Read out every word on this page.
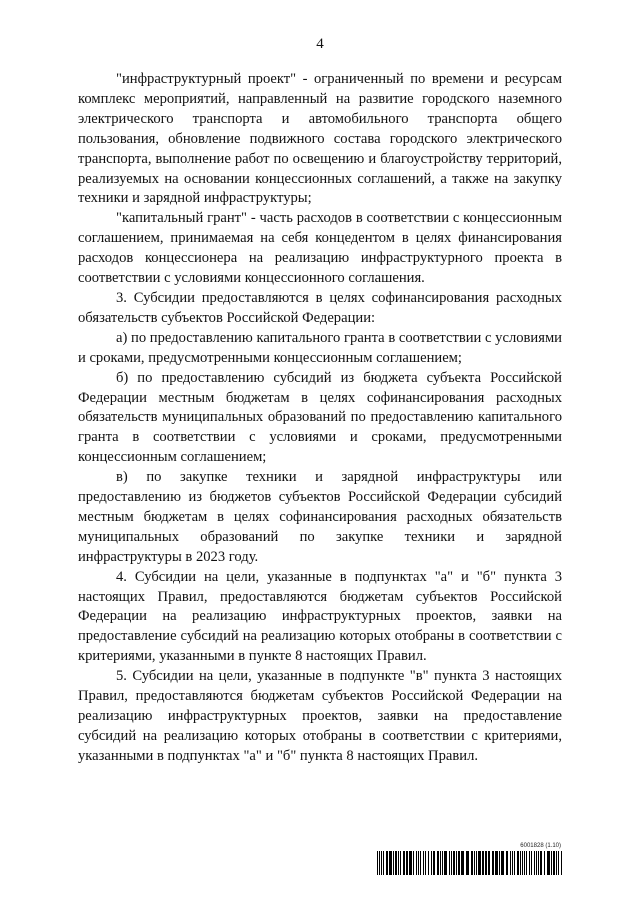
4

"инфраструктурный проект" - ограниченный по времени и ресурсам комплекс мероприятий, направленный на развитие городского наземного электрического транспорта и автомобильного транспорта общего пользования, обновление подвижного состава городского электрического транспорта, выполнение работ по освещению и благоустройству территорий, реализуемых на основании концессионных соглашений, а также на закупку техники и зарядной инфраструктуры;

"капитальный грант" - часть расходов в соответствии с концессионным соглашением, принимаемая на себя концедентом в целях финансирования расходов концессионера на реализацию инфраструктурного проекта в соответствии с условиями концессионного соглашения.

3. Субсидии предоставляются в целях софинансирования расходных обязательств субъектов Российской Федерации:

а) по предоставлению капитального гранта в соответствии с условиями и сроками, предусмотренными концессионным соглашением;

б) по предоставлению субсидий из бюджета субъекта Российской Федерации местным бюджетам в целях софинансирования расходных обязательств муниципальных образований по предоставлению капитального гранта в соответствии с условиями и сроками, предусмотренными концессионным соглашением;

в) по закупке техники и зарядной инфраструктуры или предоставлению из бюджетов субъектов Российской Федерации субсидий местным бюджетам в целях софинансирования расходных обязательств муниципальных образований по закупке техники и зарядной инфраструктуры в 2023 году.

4. Субсидии на цели, указанные в подпунктах "а" и "б" пункта 3 настоящих Правил, предоставляются бюджетам субъектов Российской Федерации на реализацию инфраструктурных проектов, заявки на предоставление субсидий на реализацию которых отобраны в соответствии с критериями, указанными в пункте 8 настоящих Правил.

5. Субсидии на цели, указанные в подпункте "в" пункта 3 настоящих Правил, предоставляются бюджетам субъектов Российской Федерации на реализацию инфраструктурных проектов, заявки на предоставление субсидий на реализацию которых отобраны в соответствии с критериями, указанными в подпунктах "а" и "б" пункта 8 настоящих Правил.

6001828 (1.10)
